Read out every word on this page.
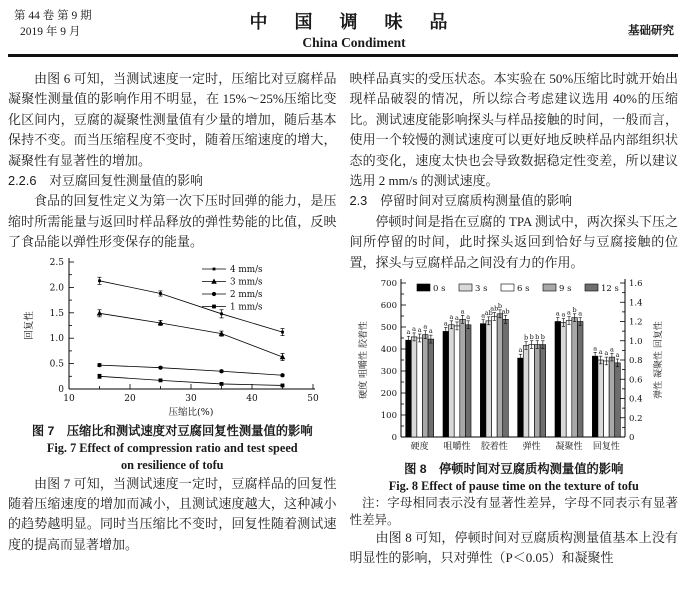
第 44 卷 第 9 期
2019 年 9 月	中 国 调 味 品
China Condiment
基础研究

由图 6 可知，当测试速度一定时，压缩比对豆腐样品凝聚性测量值的影响作用不明显，在 15%～25%压缩比变化区间内，豆腐的凝聚性测量值有少量的增加，随后基本保持不变。而当压缩程度不变时，随着压缩速度的增大，凝聚性有显著性的增加。

2.2.6　对豆腐回复性测量值的影响

食品的回复性定义为第一次下压时回弹的能力，是压缩时所需能量与返回时样品释放的弹性势能的比值，反映了食品能以弹性形变保存的能量。

0
0.5
1.0
1.5
2.0
2.5
10	20	30	40	50
压缩比(%)
回复性
4 mm/s
3 mm/s
2 mm/s
1 mm/s
图 7　压缩比和测试速度对豆腐回复性测量值的影响
Fig. 7 Effect of compression ratio and test speed
on resilience of tofu

由图 7 可知，当测试速度一定时，豆腐样品的回复性随着压缩速度的增加而减小，且测试速度越大，这种减小的趋势越明显。同时当压缩比不变时，回复性随着测试速度的提高而显著增加。

映样品真实的受压状态。本实验在 50%压缩比时就开始出现样品破裂的情况，所以综合考虑建议选用 40%的压缩比。测试速度能影响探头与样品接触的时间，一般而言，使用一个较慢的测试速度可以更好地反映样品内部组织状态的变化，速度太快也会导致数据稳定性变差，所以建议选用 2 mm/s 的测试速度。

2.3　停留时间对豆腐质构测量值的影响

停顿时间是指在豆腐的 TPA 测试中，两次探头下压之间所停留的时间，此时探头返回到恰好与豆腐接触的位置，探头与豆腐样品之间没有力的作用。

0
100
200
300
400
500
600
700
0
0.2
0.4
0.6
0.8
1.0
1.2
1.4
1.6
硬度
a a a a
a
咀嚼性
a
a a
a
a
胶着性
a ab
ab b
ab
弹性
a
b b b b
凝聚性
a a a b a
回复性
a a a a
a
0 s	3 s	6 s	9 s	12 s
硬度 咀嚼性 胶着性	弹性 凝聚性 回复性
图 8　停顿时间对豆腐质构测量值的影响
Fig. 8 Effect of pause time on the texture of tofu

注：字母相同表示没有显著性差异，字母不同表示有显著性差异。

由图 8 可知，停顿时间对豆腐质构测量值基本上没有明显性的影响，只对弹性（P＜0.05）和凝聚性
